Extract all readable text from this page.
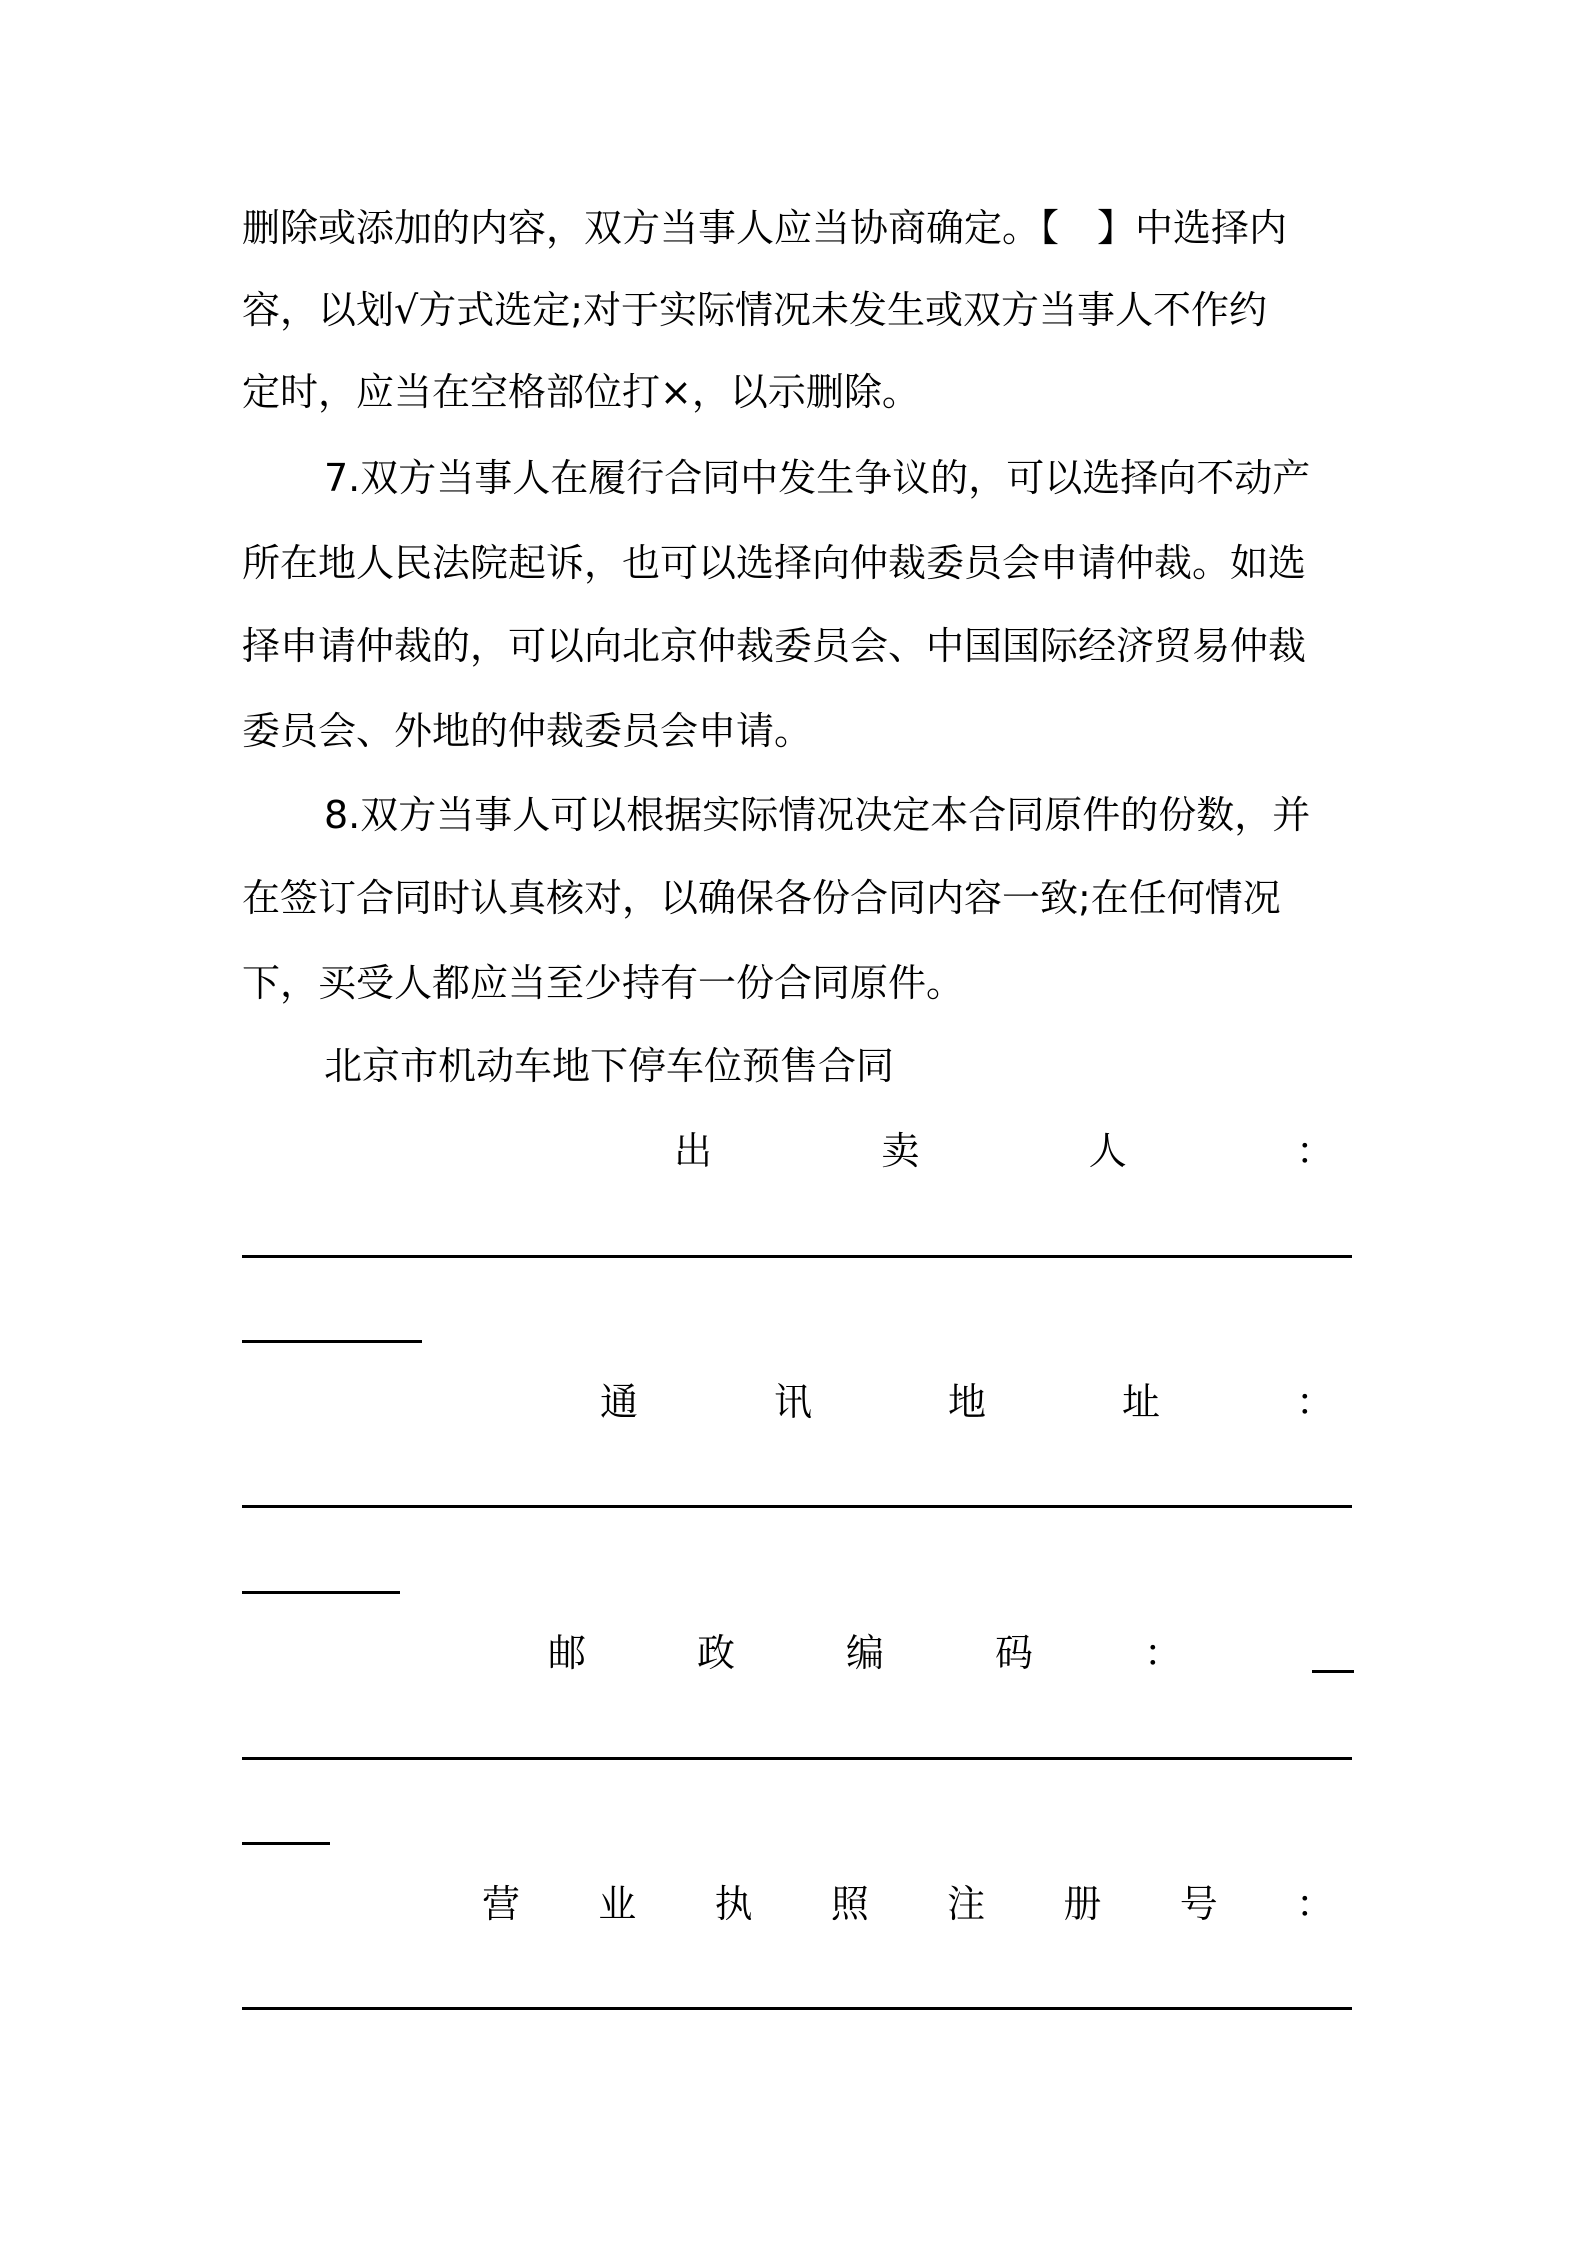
删除或添加的内容，双方当事人应当协商确定。【　】中选择内
容，以划√方式选定;对于实际情况未发生或双方当事人不作约
定时，应当在空格部位打×，以示删除。
7.双方当事人在履行合同中发生争议的，可以选择向不动产
所在地人民法院起诉，也可以选择向仲裁委员会申请仲裁。如选
择申请仲裁的，可以向北京仲裁委员会、中国国际经济贸易仲裁
委员会、外地的仲裁委员会申请。
8.双方当事人可以根据实际情况决定本合同原件的份数，并
在签订合同时认真核对，以确保各份合同内容一致;在任何情况
下，买受人都应当至少持有一份合同原件。
北京市机动车地下停车位预售合同
出	卖	人	：
通	讯	地	址	：
邮	政	编	码	：
营 业 执 照 注 册 号 ：
